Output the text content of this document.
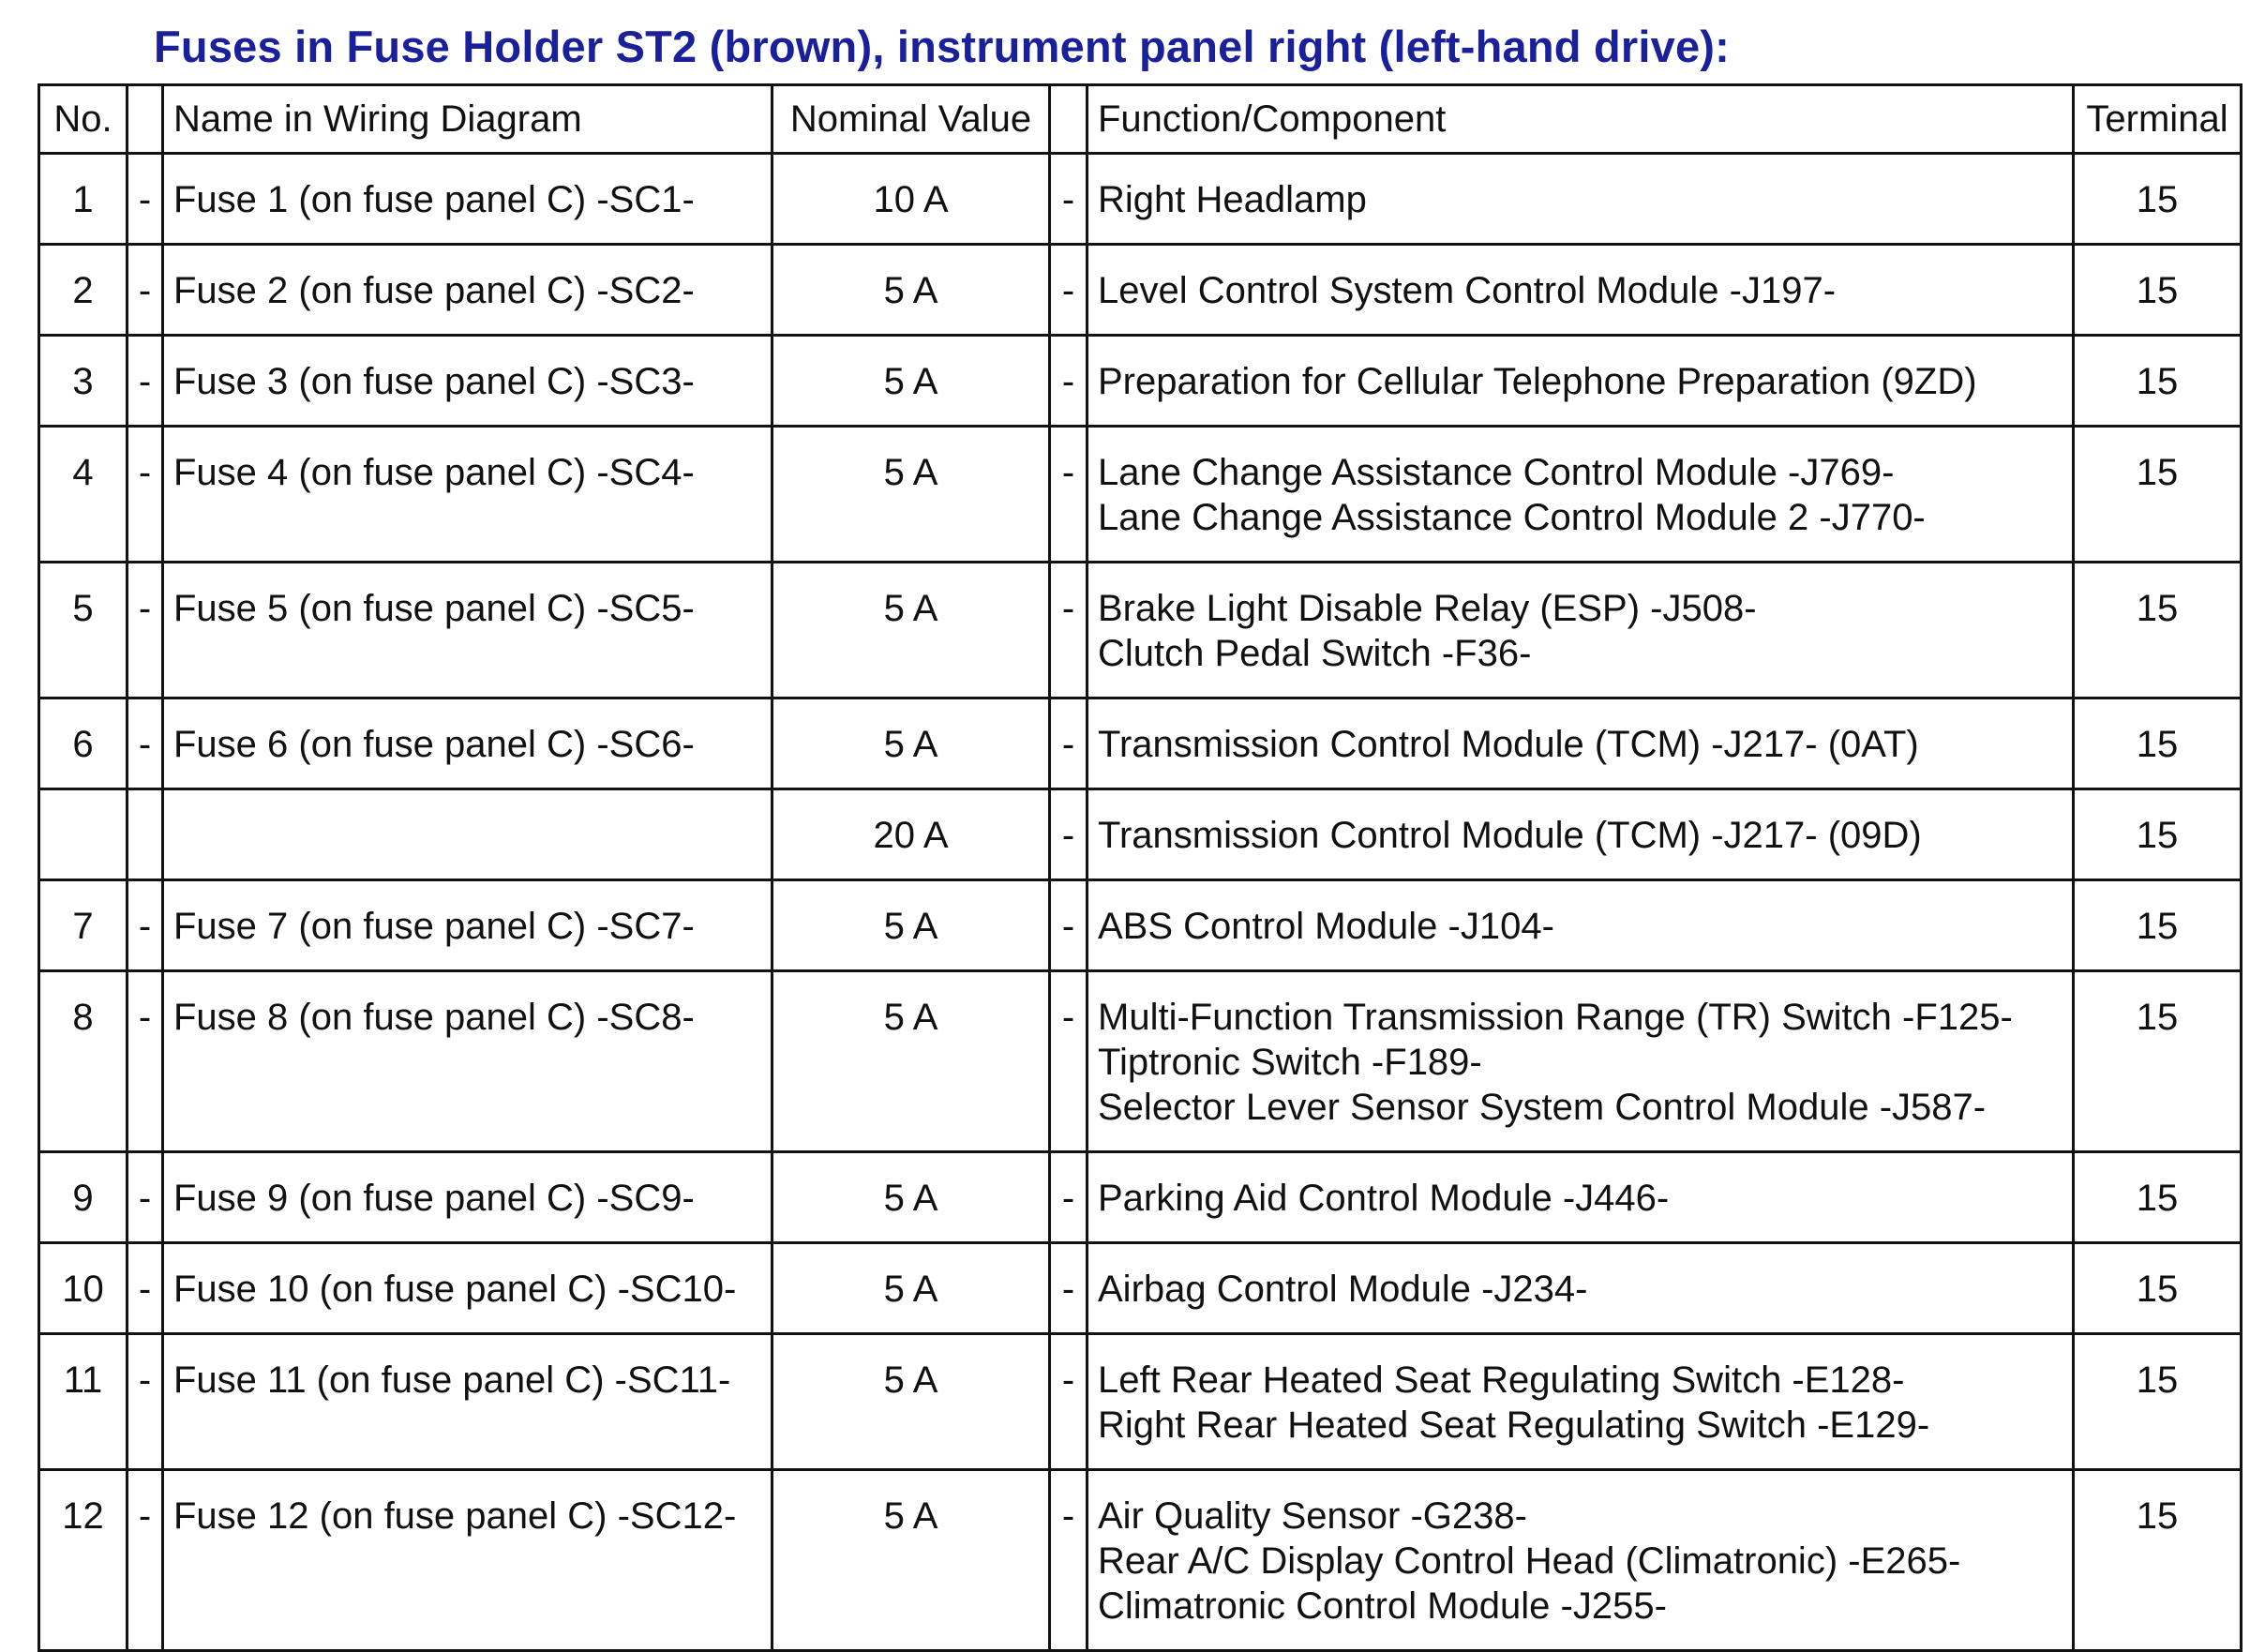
Fuses in Fuse Holder ST2 (brown), instrument panel right (left-hand drive):
No.		Name in Wiring Diagram	Nominal Value		Function/Component	Terminal
1	-	Fuse 1 (on fuse panel C) -SC1-	10 A	-	Right Headlamp	15
2	-	Fuse 2 (on fuse panel C) -SC2-	5 A	-	Level Control System Control Module -J197-	15
3	-	Fuse 3 (on fuse panel C) -SC3-	5 A	-	Preparation for Cellular Telephone Preparation (9ZD)	15
4	-	Fuse 4 (on fuse panel C) -SC4-	5 A	-	Lane Change Assistance Control Module -J769-
Lane Change Assistance Control Module 2 -J770-	15
5	-	Fuse 5 (on fuse panel C) -SC5-	5 A	-	Brake Light Disable Relay (ESP) -J508-
Clutch Pedal Switch -F36-	15
6	-	Fuse 6 (on fuse panel C) -SC6-	5 A	-	Transmission Control Module (TCM) -J217- (0AT)	15
			20 A	-	Transmission Control Module (TCM) -J217- (09D)	15
7	-	Fuse 7 (on fuse panel C) -SC7-	5 A	-	ABS Control Module -J104-	15
8	-	Fuse 8 (on fuse panel C) -SC8-	5 A	-	Multi-Function Transmission Range (TR) Switch -F125-
Tiptronic Switch -F189-
Selector Lever Sensor System Control Module -J587-	15
9	-	Fuse 9 (on fuse panel C) -SC9-	5 A	-	Parking Aid Control Module -J446-	15
10	-	Fuse 10 (on fuse panel C) -SC10-	5 A	-	Airbag Control Module -J234-	15
11	-	Fuse 11 (on fuse panel C) -SC11-	5 A	-	Left Rear Heated Seat Regulating Switch -E128-
Right Rear Heated Seat Regulating Switch -E129-	15
12	-	Fuse 12 (on fuse panel C) -SC12-	5 A	-	Air Quality Sensor -G238-
Rear A/C Display Control Head (Climatronic) -E265-
Climatronic Control Module -J255-	15
